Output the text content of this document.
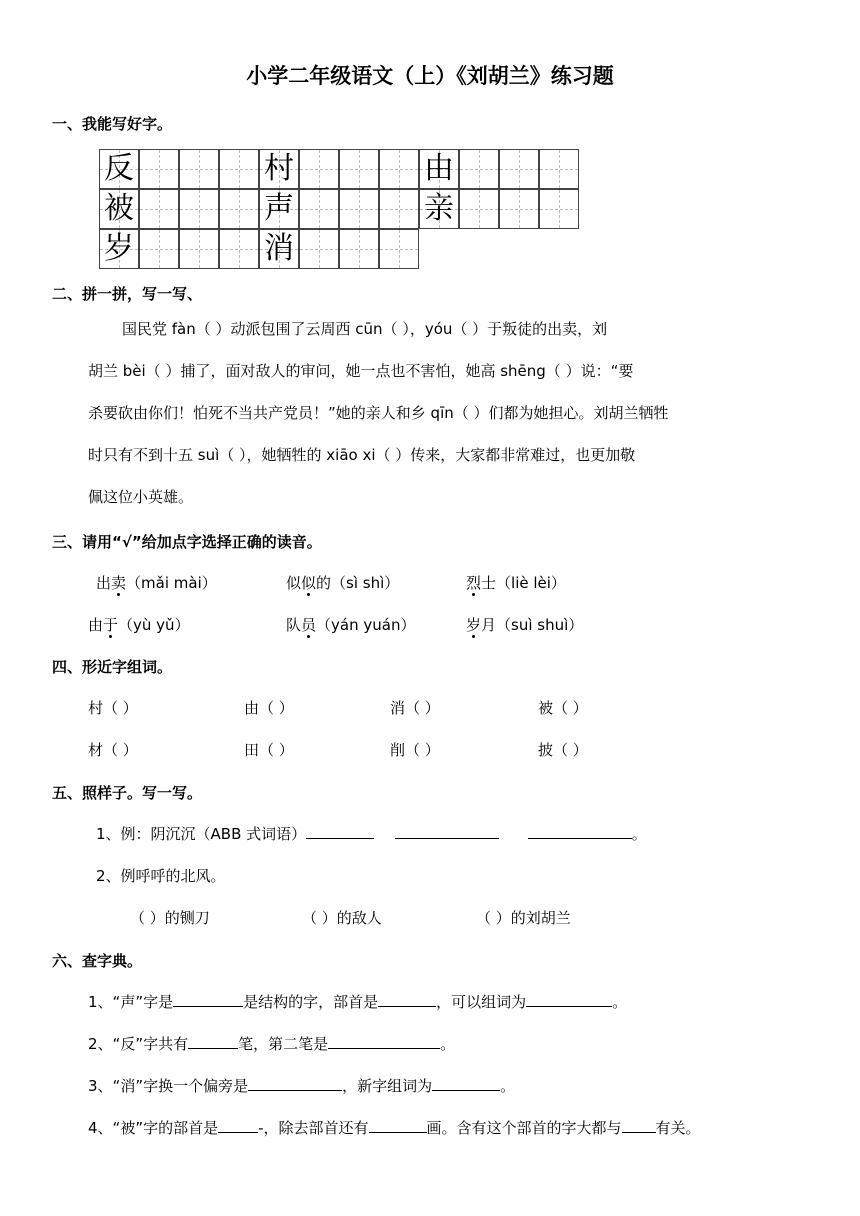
小学二年级语文（上）《刘胡兰》练习题
一、我能写好字。
反	村	由
被	声	亲
岁	消
二、拼一拼，写一写、
国民党 fàn（ ）动派包围了云周西 cūn（ ），yóu（ ）于叛徒的出卖，刘
胡兰 bèi（ ）捕了，面对敌人的审问，她一点也不害怕，她高 shēng（ ）说：“要
杀要砍由你们！怕死不当共产党员！”她的亲人和乡 qīn（ ）们都为她担心。刘胡兰牺牲
时只有不到十五 suì（ ），她牺牲的 xiāo xi（ ）传来，大家都非常难过，也更加敬
佩这位小英雄。
三、请用“√”给加点字选择正确的读音。
出卖（mǎi mài）	似似的（sì shì）	烈士（liè lèi）
由于（yù yǔ）	队员（yán yuán）	岁月（suì shuì）
四、形近字组词。
村（ ）	由（ ）	消（ ）	被（ ）
材（ ）	田（ ）	削（ ）	披（ ）
五、照样子。写一写。
1、例：阴沉沉（ABB 式词语）	。
2、例呼呼的北风。
（ ）的铡刀	（ ）的敌人	（ ）的刘胡兰
六、查字典。
1、“声”字是	是结构的字，部首是	，可以组词为	。
2、“反”字共有	笔，第二笔是	。
3、“消”字换一个偏旁是	，新字组词为	。
4、“被”字的部首是	-，除去部首还有	画。含有这个部首的字大都与 有关。
